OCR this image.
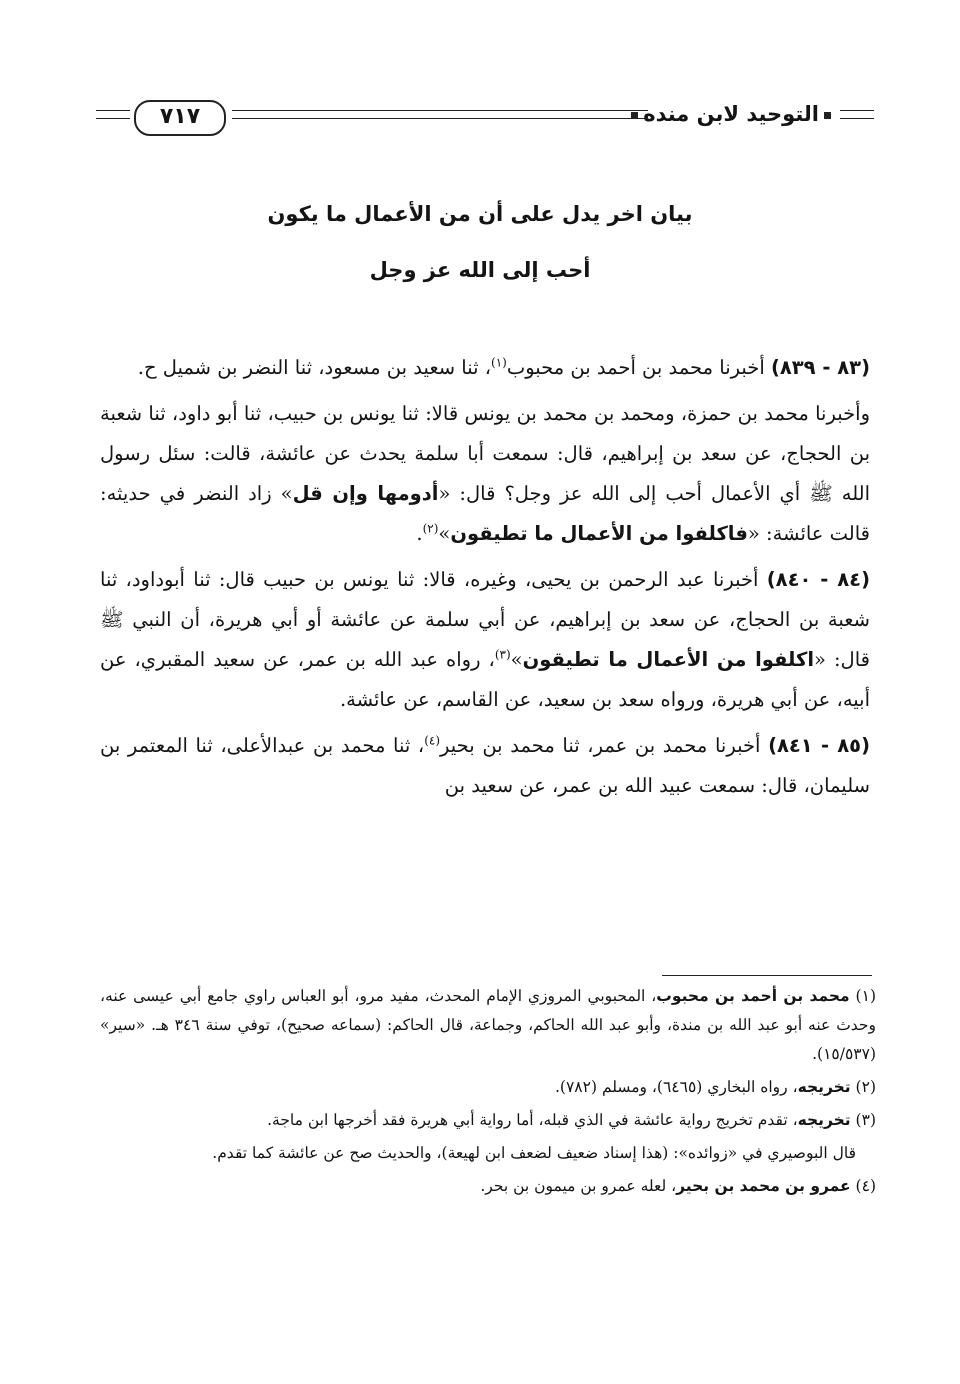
التوحيد لابن منده
٧١٧
بيان اخر يدل على أن من الأعمال ما يكون
أحب إلى الله عز وجل

(٨٣ - ٨٣٩) أخبرنا محمد بن أحمد بن محبوب$^{(١)}$، ثنا سعيد بن مسعود، ثنا النضر بن شميل ح.

وأخبرنا محمد بن حمزة، ومحمد بن محمد بن يونس قالا: ثنا يونس بن حبيب، ثنا أبو داود، ثنا شعبة بن الحجاج، عن سعد بن إبراهيم، قال: سمعت أبا سلمة يحدث عن عائشة، قالت: سئل رسول الله ﷺ أي الأعمال أحب إلى الله عز وجل؟ قال: «أدومها وإن قل» زاد النضر في حديثه: قالت عائشة: «فاكلفوا من الأعمال ما تطيقون»$^{(٢)}$.

(٨٤ - ٨٤٠) أخبرنا عبد الرحمن بن يحيى، وغيره، قالا: ثنا يونس بن حبيب قال: ثنا أبوداود، ثنا شعبة بن الحجاج، عن سعد بن إبراهيم، عن أبي سلمة عن عائشة أو أبي هريرة، أن النبي ﷺ قال: «اكلفوا من الأعمال ما تطيقون»$^{(٣)}$، رواه عبد الله بن عمر، عن سعيد المقبري، عن أبيه، عن أبي هريرة، ورواه سعد بن سعيد، عن القاسم، عن عائشة.

(٨٥ - ٨٤١) أخبرنا محمد بن عمر، ثنا محمد بن بحير$^{(٤)}$، ثنا محمد بن عبدالأعلى، ثنا المعتمر بن سليمان، قال: سمعت عبيد الله بن عمر، عن سعيد بن

(١) محمد بن أحمد بن محبوب، المحبوبي المروزي الإمام المحدث، مفيد مرو، أبو العباس راوي جامع أبي عيسى عنه، وحدث عنه أبو عبد الله بن مندة، وأبو عبد الله الحاكم، وجماعة، قال الحاكم: (سماعه صحيح)، توفي سنة ٣٤٦ هـ. «سير» (١٥/٥٣٧).

(٢) تخريجه، رواه البخاري (٦٤٦٥)، ومسلم (٧٨٢).

(٣) تخريجه، تقدم تخريج رواية عائشة في الذي قبله، أما رواية أبي هريرة فقد أخرجها ابن ماجة.

قال البوصيري في «زوائده»: (هذا إسناد ضعيف لضعف ابن لهيعة)، والحديث صح عن عائشة كما تقدم.

(٤) عمرو بن محمد بن بحير، لعله عمرو بن ميمون بن بحر.
